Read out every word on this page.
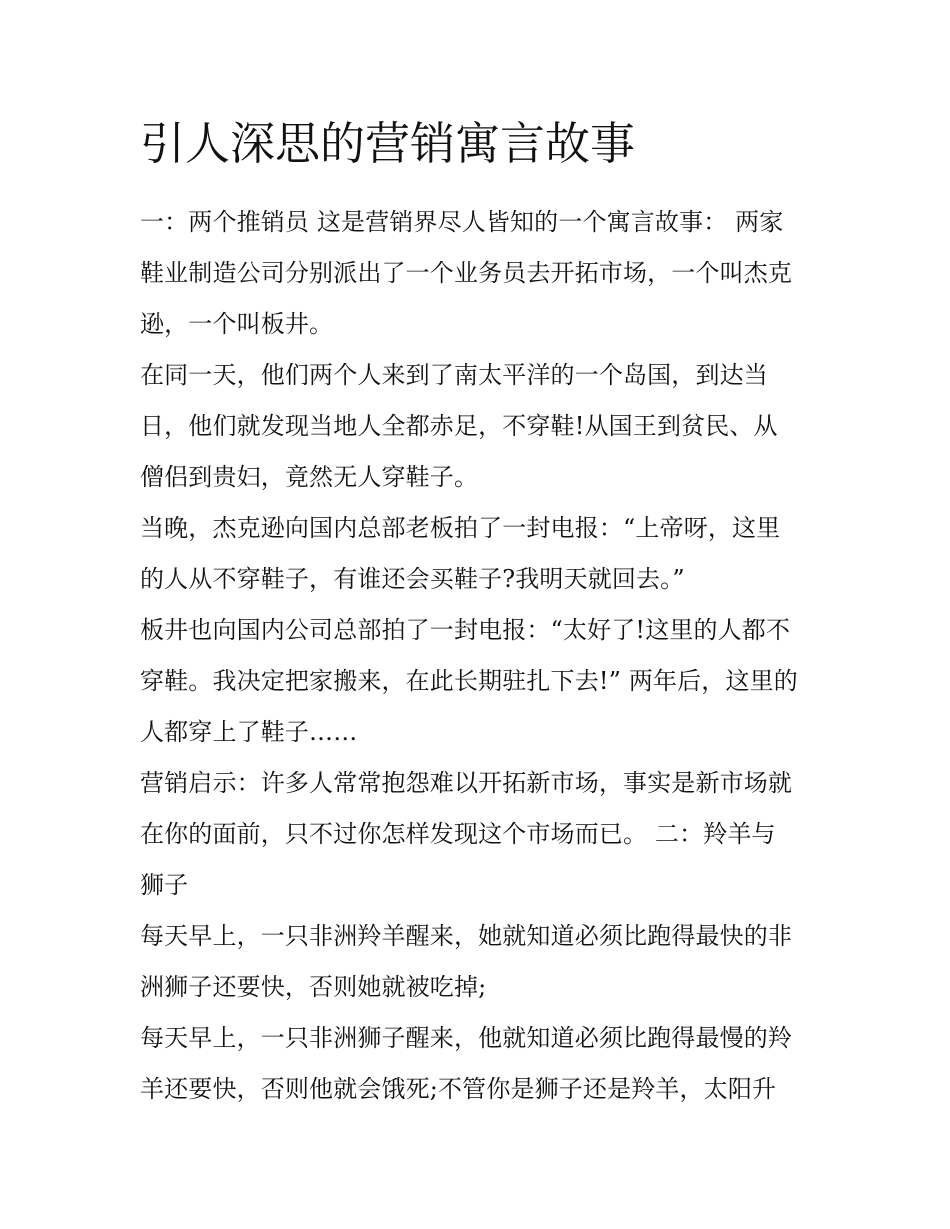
引人深思的营销寓言故事

一：两个推销员 这是营销界尽人皆知的一个寓言故事： 两家
鞋业制造公司分别派出了一个业务员去开拓市场，一个叫杰克
逊，一个叫板井。

在同一天，他们两个人来到了南太平洋的一个岛国，到达当
日，他们就发现当地人全都赤足，不穿鞋!从国王到贫民、从
僧侣到贵妇，竟然无人穿鞋子。

当晚，杰克逊向国内总部老板拍了一封电报：“上帝呀，这里
的人从不穿鞋子，有谁还会买鞋子?我明天就回去。”

板井也向国内公司总部拍了一封电报：“太好了!这里的人都不
穿鞋。我决定把家搬来，在此长期驻扎下去!” 两年后，这里的
人都穿上了鞋子……

营销启示：许多人常常抱怨难以开拓新市场，事实是新市场就
在你的面前，只不过你怎样发现这个市场而已。 二：羚羊与
狮子

每天早上，一只非洲羚羊醒来，她就知道必须比跑得最快的非
洲狮子还要快，否则她就被吃掉;

每天早上，一只非洲狮子醒来，他就知道必须比跑得最慢的羚
羊还要快，否则他就会饿死;不管你是狮子还是羚羊，太阳升
